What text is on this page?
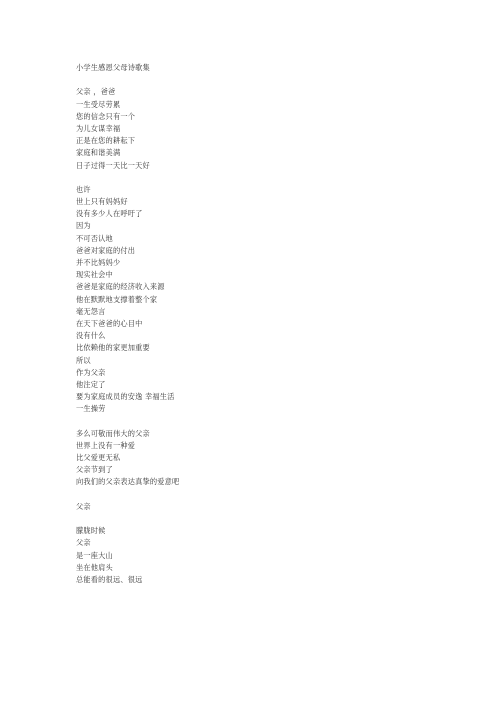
小学生感恩父母诗歌集
父亲 ，爸爸
一生受尽劳累
您的信念只有一个
为儿女谋幸福
正是在您的耕耘下
家庭和谐美满
日子过得一天比一天好
也许
世上只有妈妈好
没有多少人在呼吁了
因为
不可否认地
爸爸对家庭的付出
并不比妈妈少
现实社会中
爸爸是家庭的经济收入来源
他在默默地支撑着整个家
毫无怨言
在天下爸爸的心目中
没有什么
比依赖他的家更加重要
所以
作为父亲
他注定了
要为家庭成员的安逸 幸福生活
一生操劳
多么可敬而伟大的父亲
世界上没有一种爱
比父爱更无私
父亲节到了
向我们的父亲表达真挚的爱意吧
父亲
朦胧时候
父亲
是一座大山
坐在他肩头
总能看的很远、很远
